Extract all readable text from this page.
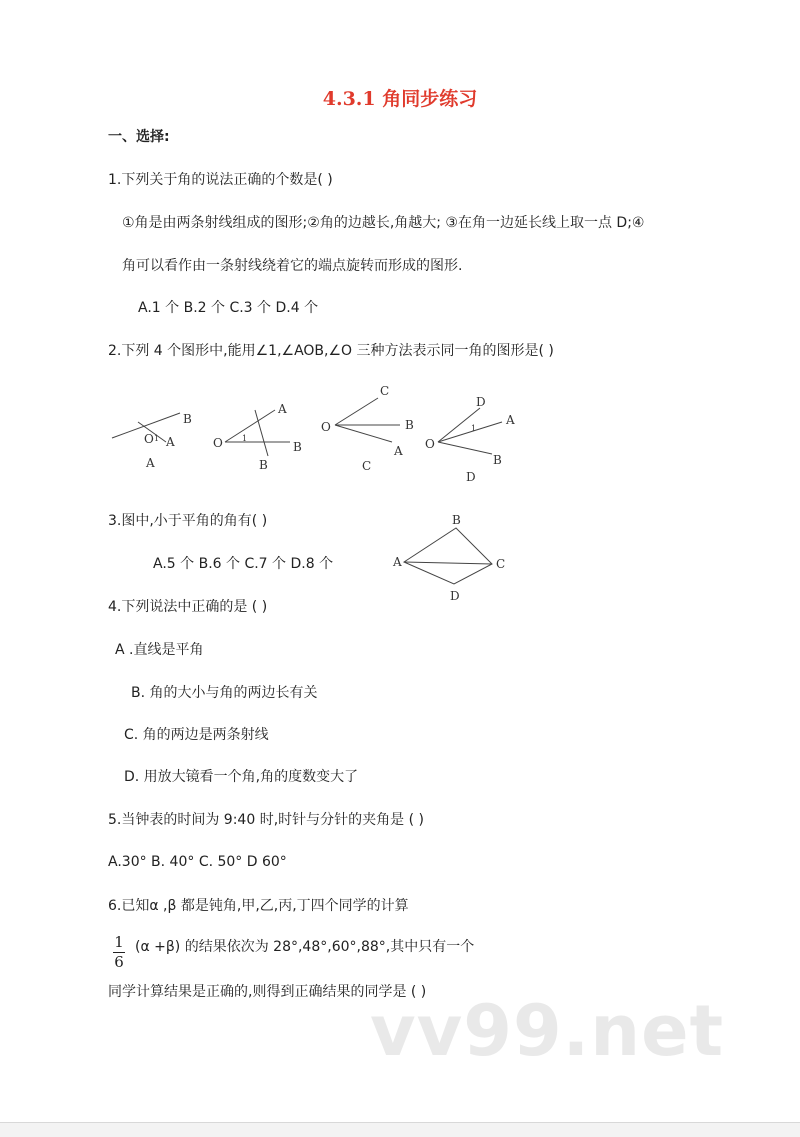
4.3.1 角同步练习
一、选择:
1.下列关于角的说法正确的个数是( )
①角是由两条射线组成的图形;②角的边越长,角越大; ③在角一边延长线上取一点 D;④
角可以看作由一条射线绕着它的端点旋转而形成的图形.
A.1 个 B.2 个 C.3 个 D.4 个
2.下列 4 个图形中,能用∠1,∠AOB,∠O 三种方法表示同一角的图形是( )
B
O 1 A
A
A
O 1
B
B
C
O	B
A
C
D
A
1
O
B
D
3.图中,小于平角的角有( )
A.5 个 B.6 个 C.7 个 D.8 个
B
A	C
D
4.下列说法中正确的是 ( )
A .直线是平角
B. 角的大小与角的两边长有关
C. 角的两边是两条射线
D. 用放大镜看一个角,角的度数变大了
5.当钟表的时间为 9:40 时,时针与分针的夹角是 ( )
A.30° B. 40° C. 50° D 60°
6.已知α ,β 都是钝角,甲,乙,丙,丁四个同学的计算
1
6
(α +β) 的结果依次为 28°,48°,60°,88°,其中只有一个
同学计算结果是正确的,则得到正确结果的同学是 ( )
vv99.net
